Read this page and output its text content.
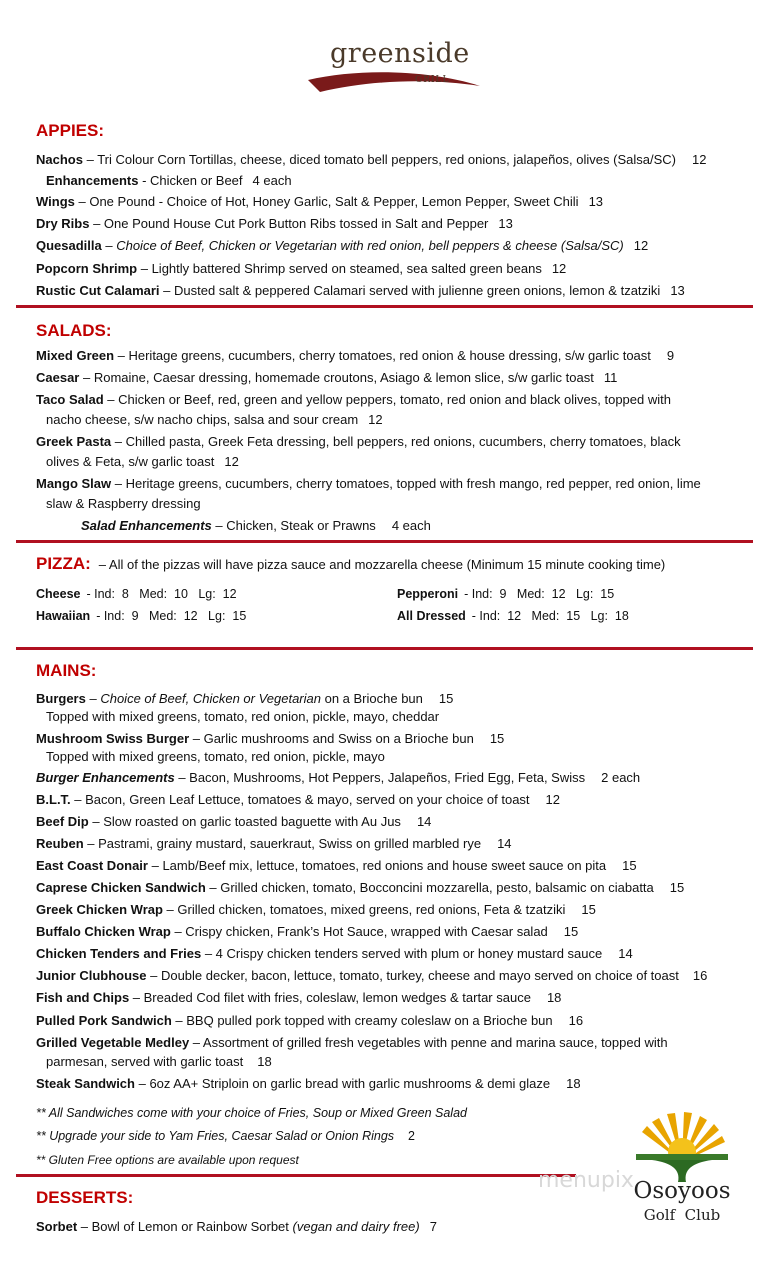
greenside
GRILL
APPIES:
Nachos – Tri Colour Corn Tortillas, cheese, diced tomato bell peppers, red onions, jalapeños, olives (Salsa/SC) 12
Enhancements - Chicken or Beef 4 each
Wings – One Pound - Choice of Hot, Honey Garlic, Salt & Pepper, Lemon Pepper, Sweet Chili 13
Dry Ribs – One Pound House Cut Pork Button Ribs tossed in Salt and Pepper 13
Quesadilla – Choice of Beef, Chicken or Vegetarian with red onion, bell peppers & cheese (Salsa/SC) 12
Popcorn Shrimp – Lightly battered Shrimp served on steamed, sea salted green beans 12
Rustic Cut Calamari – Dusted salt & peppered Calamari served with julienne green onions, lemon & tzatziki 13
SALADS:
Mixed Green – Heritage greens, cucumbers, cherry tomatoes, red onion & house dressing, s/w garlic toast 9
Caesar – Romaine, Caesar dressing, homemade croutons, Asiago & lemon slice, s/w garlic toast 11
Taco Salad – Chicken or Beef, red, green and yellow peppers, tomato, red onion and black olives, topped with
nacho cheese, s/w nacho chips, salsa and sour cream 12
Greek Pasta – Chilled pasta, Greek Feta dressing, bell peppers, red onions, cucumbers, cherry tomatoes, black
olives & Feta, s/w garlic toast 12
Mango Slaw – Heritage greens, cucumbers, cherry tomatoes, topped with fresh mango, red pepper, red onion, lime
slaw & Raspberry dressing
Salad Enhancements – Chicken, Steak or Prawns 4 each
PIZZA: – All of the pizzas will have pizza sauce and mozzarella cheese (Minimum 15 minute cooking time)
Cheese - Ind:  8   Med:  10   Lg:  12	Pepperoni - Ind:  9   Med:  12   Lg:  15
Hawaiian - Ind:  9   Med:  12   Lg:  15	All Dressed - Ind:  12   Med:  15   Lg:  18
MAINS:
Burgers – Choice of Beef, Chicken or Vegetarian on a Brioche bun 15
Topped with mixed greens, tomato, red onion, pickle, mayo, cheddar
Mushroom Swiss Burger – Garlic mushrooms and Swiss on a Brioche bun 15
Topped with mixed greens, tomato, red onion, pickle, mayo
Burger Enhancements – Bacon, Mushrooms, Hot Peppers, Jalapeños, Fried Egg, Feta, Swiss 2 each
B.L.T. – Bacon, Green Leaf Lettuce, tomatoes & mayo, served on your choice of toast 12
Beef Dip – Slow roasted on garlic toasted baguette with Au Jus 14
Reuben – Pastrami, grainy mustard, sauerkraut, Swiss on grilled marbled rye 14
East Coast Donair – Lamb/Beef mix, lettuce, tomatoes, red onions and house sweet sauce on pita 15
Caprese Chicken Sandwich – Grilled chicken, tomato, Bocconcini mozzarella, pesto, balsamic on ciabatta 15
Greek Chicken Wrap – Grilled chicken, tomatoes, mixed greens, red onions, Feta & tzatziki 15
Buffalo Chicken Wrap – Crispy chicken, Frank’s Hot Sauce, wrapped with Caesar salad 15
Chicken Tenders and Fries – 4 Crispy chicken tenders served with plum or honey mustard sauce 14
Junior Clubhouse – Double decker, bacon, lettuce, tomato, turkey, cheese and mayo served on choice of toast 16
Fish and Chips – Breaded Cod filet with fries, coleslaw, lemon wedges & tartar sauce 18
Pulled Pork Sandwich – BBQ pulled pork topped with creamy coleslaw on a Brioche bun 16
Grilled Vegetable Medley – Assortment of grilled fresh vegetables with penne and marina sauce, topped with
parmesan, served with garlic toast 18
Steak Sandwich – 6oz AA+ Striploin on garlic bread with garlic mushrooms & demi glaze 18
** All Sandwiches come with your choice of Fries, Soup or Mixed Green Salad
** Upgrade your side to Yam Fries, Caesar Salad or Onion Rings 2
** Gluten Free options are available upon request
DESSERTS:
Sorbet – Bowl of Lemon or Rainbow Sorbet (vegan and dairy free) 7
menupix Osoyoos
Golf  Club
